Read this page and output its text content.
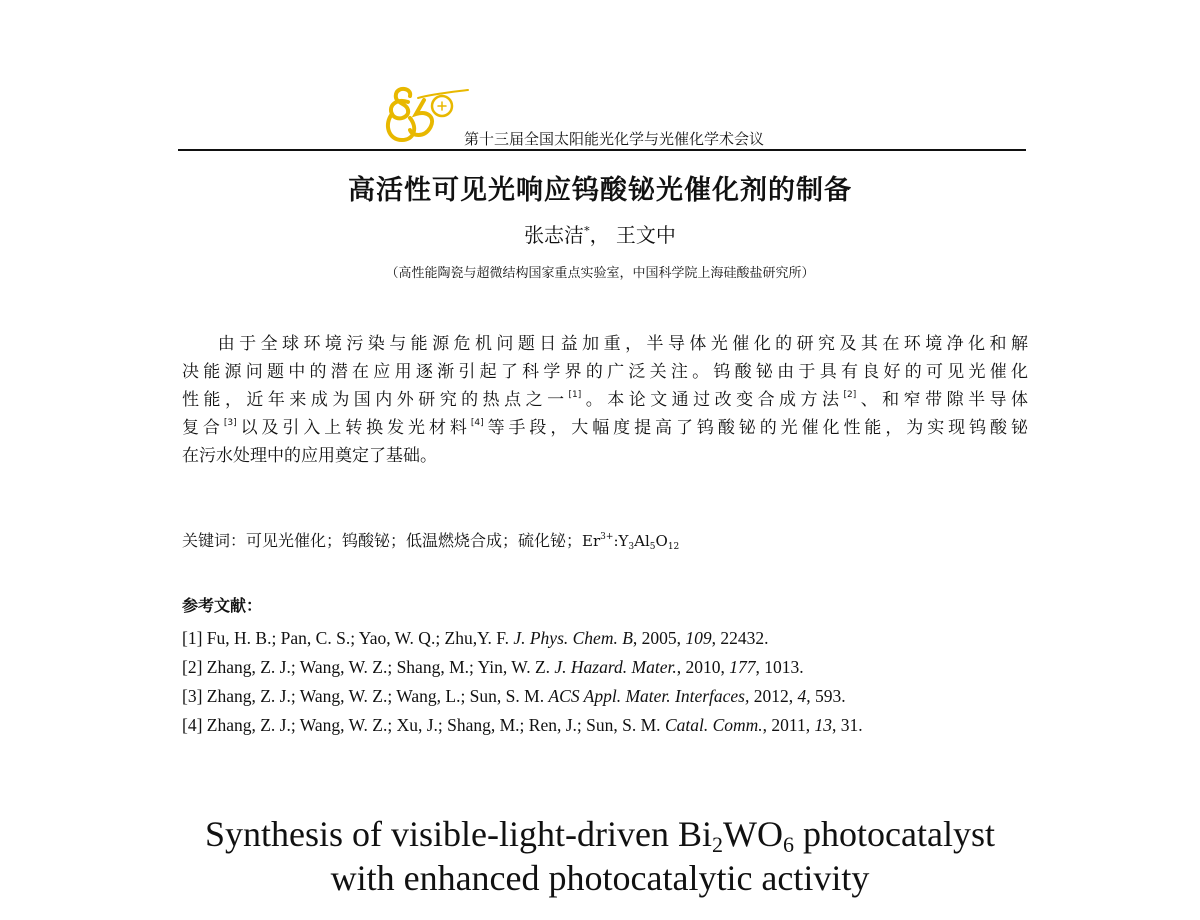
第十三届全国太阳能光化学与光催化学术会议
高活性可见光响应钨酸铋光催化剂的制备
张志洁*， 王文中
（高性能陶瓷与超微结构国家重点实验室，中国科学院上海硅酸盐研究所）
由于全球环境污染与能源危机问题日益加重，半导体光催化的研究及其在环境净化和解
决能源问题中的潜在应用逐渐引起了科学界的广泛关注。钨酸铋由于具有良好的可见光催化
性能，近年来成为国内外研究的热点之一[1]。本论文通过改变合成方法[2]、和窄带隙半导体
复合[3]以及引入上转换发光材料[4]等手段，大幅度提高了钨酸铋的光催化性能，为实现钨酸铋
在污水处理中的应用奠定了基础。
关键词：可见光催化；钨酸铋；低温燃烧合成；硫化铋；$Er^{3+}:Y_3Al_5O_{12}$
参考文献：
[1] Fu, H. B.; Pan, C. S.; Yao, W. Q.; Zhu,Y. F. J. Phys. Chem. B, 2005, 109, 22432.
[2] Zhang, Z. J.; Wang, W. Z.; Shang, M.; Yin, W. Z. J. Hazard. Mater., 2010, 177, 1013.
[3] Zhang, Z. J.; Wang, W. Z.; Wang, L.; Sun, S. M. ACS Appl. Mater. Interfaces, 2012, 4, 593.
[4] Zhang, Z. J.; Wang, W. Z.; Xu, J.; Shang, M.; Ren, J.; Sun, S. M. Catal. Comm., 2011, 13, 31.
Synthesis of visible-light-driven $Bi_2WO_6$ photocatalyst
with enhanced photocatalytic activity
